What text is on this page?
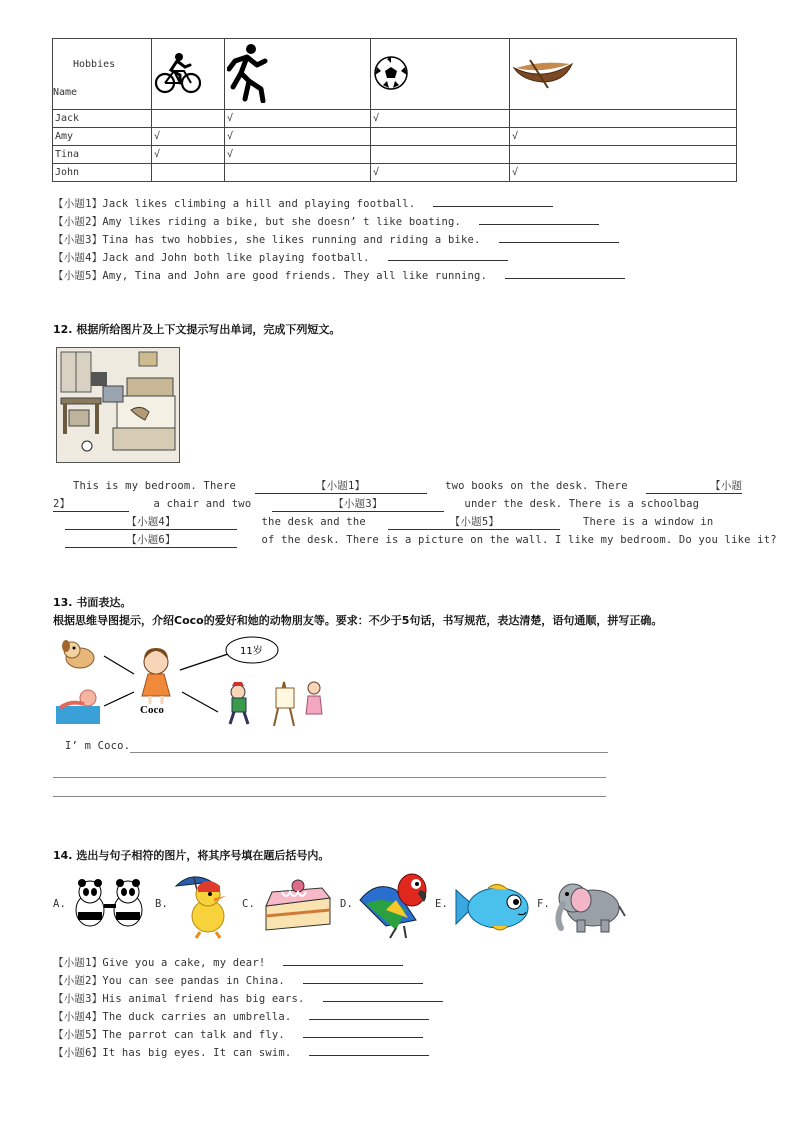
Hobbies
Name

Jack		√	√	
Amy	√	√		√
Tina	√	√		
John			√	√
【小题1】Jack likes climbing a hill and playing football.
【小题2】Amy likes riding a bike, but she doesn’ t like boating.
【小题3】Tina has two hobbies, she likes running and riding a bike.
【小题4】Jack and John both like playing football.
【小题5】Amy, Tina and John are good friends. They all like running.
12. 根据所给图片及上下文提示写出单词，完成下列短文。
This is my bedroom. There	【小题1】	two books on the desk. There	【小题
2】	a chair and two	【小题3】	under the desk. There is a schoolbag
【小题4】	the desk and the	【小题5】	There is a window in
【小题6】	of the desk. There is a picture on the wall. I like my bedroom. Do you like it?
13. 书面表达。
根据思维导图提示，介绍Coco的爱好和她的动物朋友等。要求：不少于5句话，书写规范，表达清楚，语句通顺，拼写正确。
Coco
11岁
I’ m Coco.
14. 选出与句子相符的图片，将其序号填在题后括号内。
A.	B.	C.	D.	E.	F.
【小题1】Give you a cake, my dear!
【小题2】You can see pandas in China.
【小题3】His animal friend has big ears.
【小题4】The duck carries an umbrella.
【小题5】The parrot can talk and fly.
【小题6】It has big eyes. It can swim.
